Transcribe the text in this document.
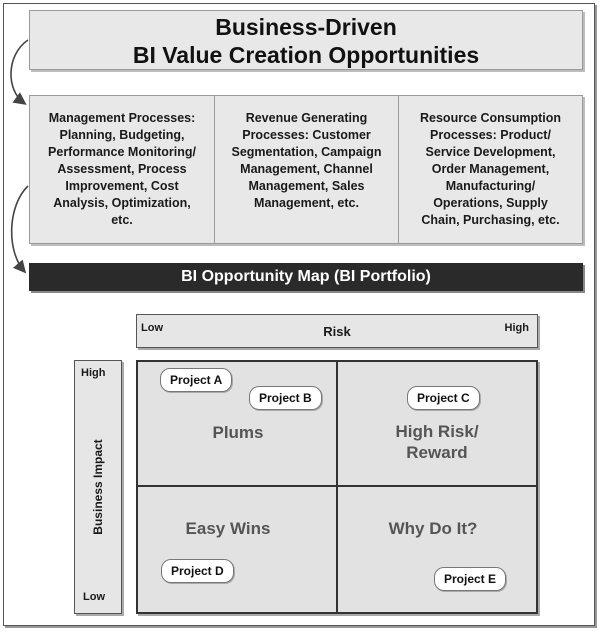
Business-Driven
BI Value Creation Opportunities
Management Processes:
Planning, Budgeting,
Performance Monitoring/
Assessment, Process
Improvement, Cost
Analysis, Optimization,
etc.
Revenue Generating
Processes: Customer
Segmentation, Campaign
Management, Channel
Management, Sales
Management, etc.
Resource Consumption
Processes: Product/
Service Development,
Order Management,
Manufacturing/
Operations, Supply
Chain, Purchasing, etc.
BI Opportunity Map (BI Portfolio)
Low	Risk	High
High
Business Impact
Low
Plums
Project A
Project B
High Risk/
Reward
Project C
Easy Wins
Project D
Why Do It?
Project E
